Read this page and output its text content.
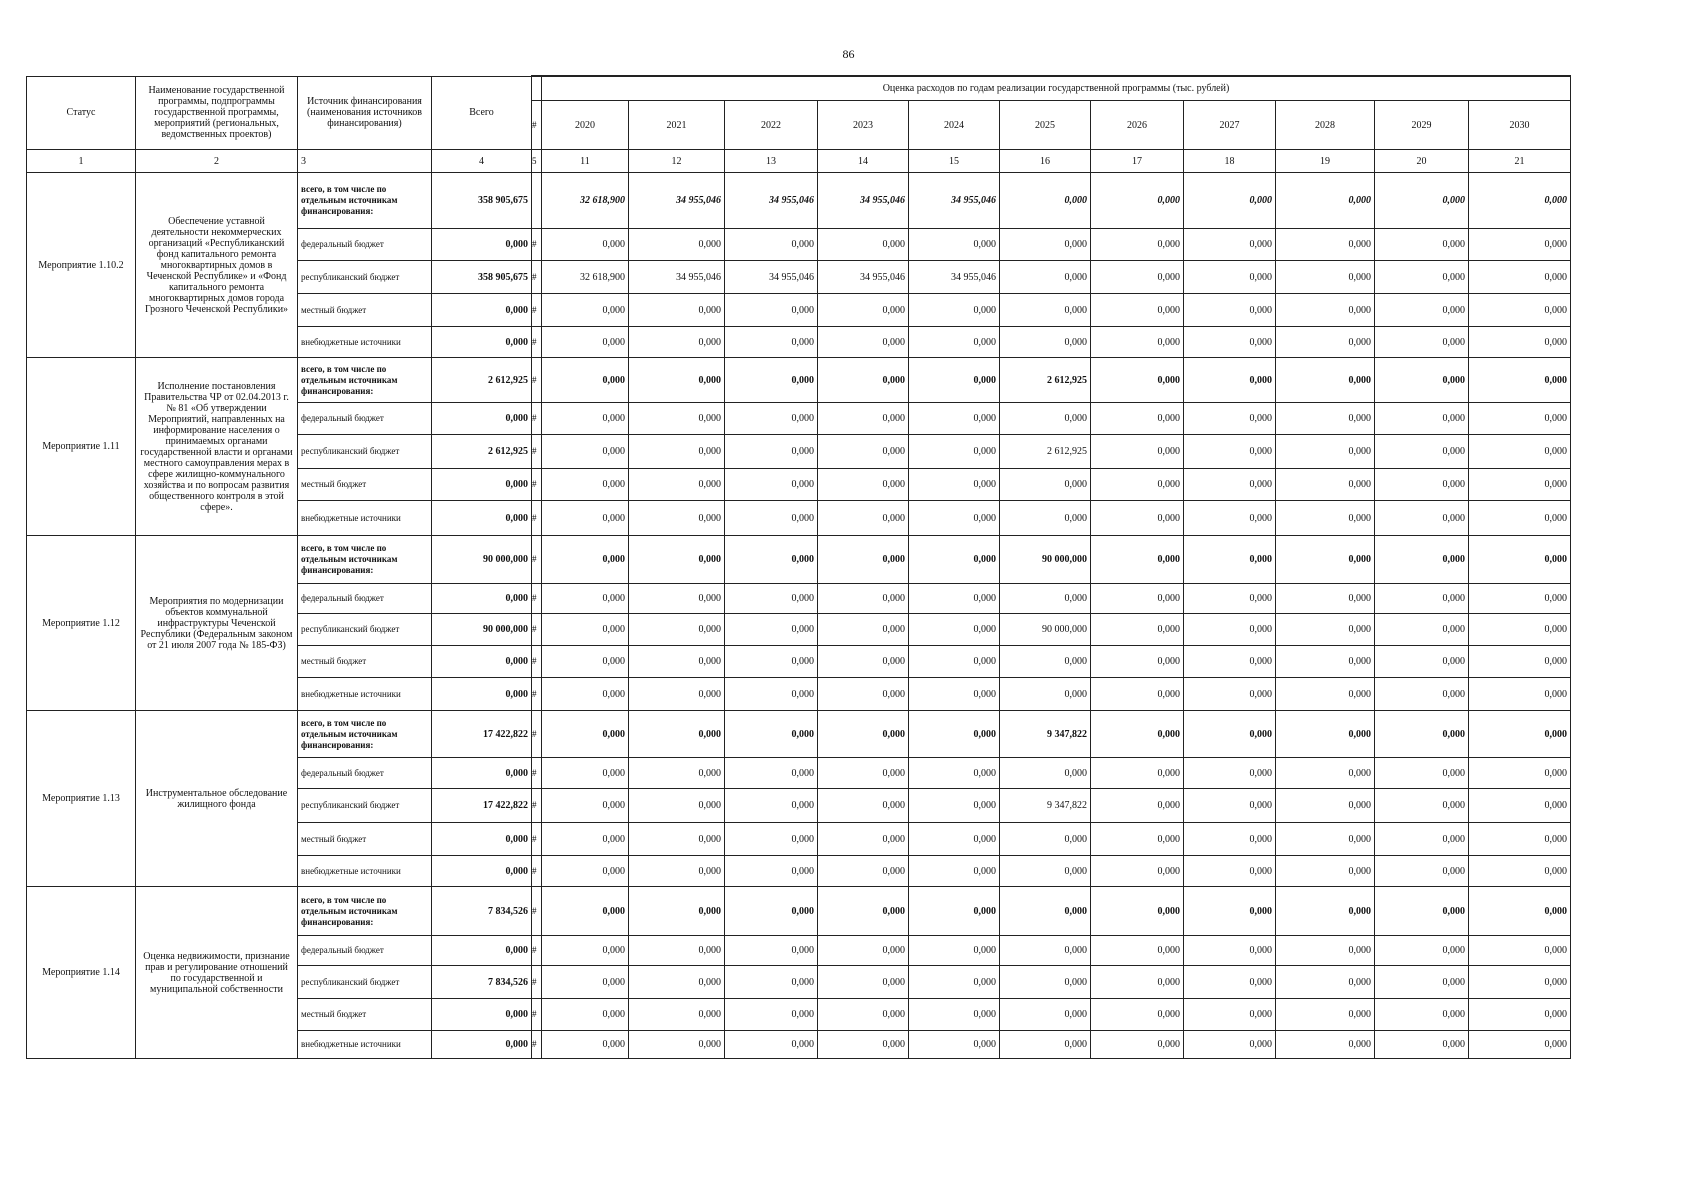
86
Статус	Наименование государственной программы, подпрограммы государственной программы, мероприятий (региональных, ведомственных проектов)	Источник финансирования (наименования источников финансирования)	Всего		Оценка расходов по годам реализации государственной программы (тыс. рублей)										
				#	2020	2021	2022	2023	2024	2025	2026	2027	2028	2029	2030
1	2	3	4	5	11	12	13	14	15	16	17	18	19	20	21
Мероприятие 1.10.2	Обеспечение уставной деятельности некоммерческих организаций «Республиканский фонд капитального ремонта многоквартирных домов в Чеченской Республике» и «Фонд капитального ремонта многоквартирных домов города Грозного Чеченской Республики»	всего, в том числе по отдельным источникам финансирования:	358 905,675		32 618,900	34 955,046	34 955,046	34 955,046	34 955,046	0,000	0,000	0,000	0,000	0,000	0,000
		федеральный бюджет	0,000	#	0,000	0,000	0,000	0,000	0,000	0,000	0,000	0,000	0,000	0,000	0,000
		республиканский бюджет	358 905,675	#	32 618,900	34 955,046	34 955,046	34 955,046	34 955,046	0,000	0,000	0,000	0,000	0,000	0,000
		местный бюджет	0,000	#	0,000	0,000	0,000	0,000	0,000	0,000	0,000	0,000	0,000	0,000	0,000
		внебюджетные источники	0,000	#	0,000	0,000	0,000	0,000	0,000	0,000	0,000	0,000	0,000	0,000	0,000
Мероприятие 1.11	Исполнение постановления Правительства ЧР от 02.04.2013 г. № 81 «Об утверждении Мероприятий, направленных на информирование населения о принимаемых органами государственной власти и органами местного самоуправления мерах в сфере жилищно-коммунального хозяйства и по вопросам развития общественного контроля в этой сфере».	всего, в том числе по отдельным источникам финансирования:	2 612,925	#	0,000	0,000	0,000	0,000	0,000	2 612,925	0,000	0,000	0,000	0,000	0,000
		федеральный бюджет	0,000	#	0,000	0,000	0,000	0,000	0,000	0,000	0,000	0,000	0,000	0,000	0,000
		республиканский бюджет	2 612,925	#	0,000	0,000	0,000	0,000	0,000	2 612,925	0,000	0,000	0,000	0,000	0,000
		местный бюджет	0,000	#	0,000	0,000	0,000	0,000	0,000	0,000	0,000	0,000	0,000	0,000	0,000
		внебюджетные источники	0,000	#	0,000	0,000	0,000	0,000	0,000	0,000	0,000	0,000	0,000	0,000	0,000
Мероприятие 1.12	Мероприятия по модернизации объектов коммунальной инфраструктуры Чеченской Республики (Федеральным законом от 21 июля 2007 года № 185-ФЗ)	всего, в том числе по отдельным источникам финансирования:	90 000,000	#	0,000	0,000	0,000	0,000	0,000	90 000,000	0,000	0,000	0,000	0,000	0,000
		федеральный бюджет	0,000	#	0,000	0,000	0,000	0,000	0,000	0,000	0,000	0,000	0,000	0,000	0,000
		республиканский бюджет	90 000,000	#	0,000	0,000	0,000	0,000	0,000	90 000,000	0,000	0,000	0,000	0,000	0,000
		местный бюджет	0,000	#	0,000	0,000	0,000	0,000	0,000	0,000	0,000	0,000	0,000	0,000	0,000
		внебюджетные источники	0,000	#	0,000	0,000	0,000	0,000	0,000	0,000	0,000	0,000	0,000	0,000	0,000
Мероприятие 1.13	Инструментальное обследование жилищного фонда	всего, в том числе по отдельным источникам финансирования:	17 422,822	#	0,000	0,000	0,000	0,000	0,000	9 347,822	0,000	0,000	0,000	0,000	0,000
		федеральный бюджет	0,000	#	0,000	0,000	0,000	0,000	0,000	0,000	0,000	0,000	0,000	0,000	0,000
		республиканский бюджет	17 422,822	#	0,000	0,000	0,000	0,000	0,000	9 347,822	0,000	0,000	0,000	0,000	0,000
		местный бюджет	0,000	#	0,000	0,000	0,000	0,000	0,000	0,000	0,000	0,000	0,000	0,000	0,000
		внебюджетные источники	0,000	#	0,000	0,000	0,000	0,000	0,000	0,000	0,000	0,000	0,000	0,000	0,000
Мероприятие 1.14	Оценка недвижимости, признание прав и регулирование отношений по государственной и муниципальной собственности	всего, в том числе по отдельным источникам финансирования:	7 834,526	#	0,000	0,000	0,000	0,000	0,000	0,000	0,000	0,000	0,000	0,000	0,000
		федеральный бюджет	0,000	#	0,000	0,000	0,000	0,000	0,000	0,000	0,000	0,000	0,000	0,000	0,000
		республиканский бюджет	7 834,526	#	0,000	0,000	0,000	0,000	0,000	0,000	0,000	0,000	0,000	0,000	0,000
		местный бюджет	0,000	#	0,000	0,000	0,000	0,000	0,000	0,000	0,000	0,000	0,000	0,000	0,000
		внебюджетные источники	0,000	#	0,000	0,000	0,000	0,000	0,000	0,000	0,000	0,000	0,000	0,000	0,000
